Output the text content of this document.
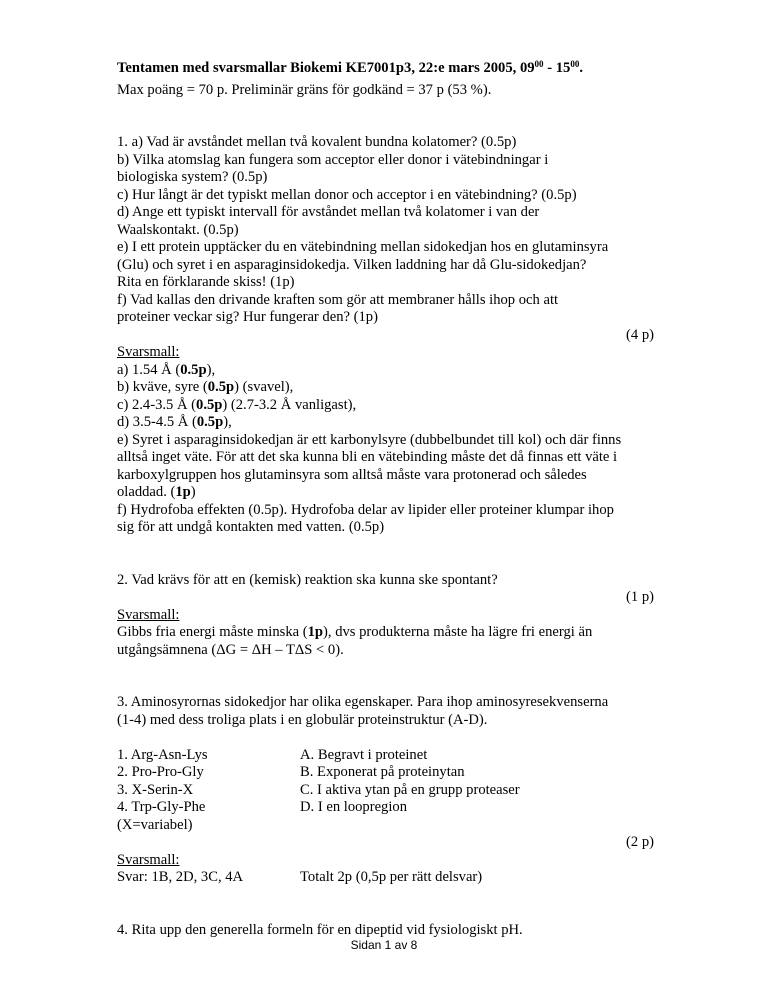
Tentamen med svarsmallar Biokemi KE7001p3, 22:e mars 2005, $09^{00} - 15^{00}$.

Max poäng = 70 p. Preliminär gräns för godkänd = 37 p (53 %).

1. a) Vad är avståndet mellan två kovalent bundna kolatomer? (0.5p)

b) Vilka atomslag kan fungera som acceptor eller donor i vätebindningar i

biologiska system? (0.5p)

c) Hur långt är det typiskt mellan donor och acceptor i en vätebindning? (0.5p)

d) Ange ett typiskt intervall för avståndet mellan två kolatomer i van der

Waalskontakt. (0.5p)

e) I ett protein upptäcker du en vätebindning mellan sidokedjan hos en glutaminsyra

(Glu) och syret i en asparaginsidokedja. Vilken laddning har då Glu-sidokedjan?

Rita en förklarande skiss! (1p)

f) Vad kallas den drivande kraften som gör att membraner hålls ihop och att

proteiner veckar sig? Hur fungerar den? (1p)

(4 p)

Svarsmall:

a) 1.54 Å (0.5p),

b) kväve, syre (0.5p) (svavel),

c) 2.4-3.5 Å (0.5p) (2.7-3.2 Å vanligast),

d) 3.5-4.5 Å (0.5p),

e) Syret i asparaginsidokedjan är ett karbonylsyre (dubbelbundet till kol) och där finns

alltså inget väte. För att det ska kunna bli en vätebinding måste det då finnas ett väte i

karboxylgruppen hos glutaminsyra som alltså måste vara protonerad och således

oladdad. (1p)

f) Hydrofoba effekten (0.5p). Hydrofoba delar av lipider eller proteiner klumpar ihop

sig för att undgå kontakten med vatten. (0.5p)

2. Vad krävs för att en (kemisk) reaktion ska kunna ske spontant?

(1 p)

Svarsmall:

Gibbs fria energi måste minska (1p), dvs produkterna måste ha lägre fri energi än

utgångsämnena (ΔG = ΔH – TΔS < 0).

3. Aminosyrornas sidokedjor har olika egenskaper. Para ihop aminosyresekvenserna

(1-4) med dess troliga plats i en globulär proteinstruktur (A-D).

1. Arg-Asn-Lys

2. Pro-Pro-Gly

3. X-Serin-X

4. Trp-Gly-Phe

(X=variabel)

A. Begravt i proteinet

B. Exponerat på proteinytan

C. I aktiva ytan på en grupp proteaser

D. I en loopregion

(2 p)

Svarsmall:

Svar: 1B, 2D, 3C, 4A	Totalt 2p (0,5p per rätt delsvar)

4. Rita upp den generella formeln för en dipeptid vid fysiologiskt pH.

Sidan 1 av 8
